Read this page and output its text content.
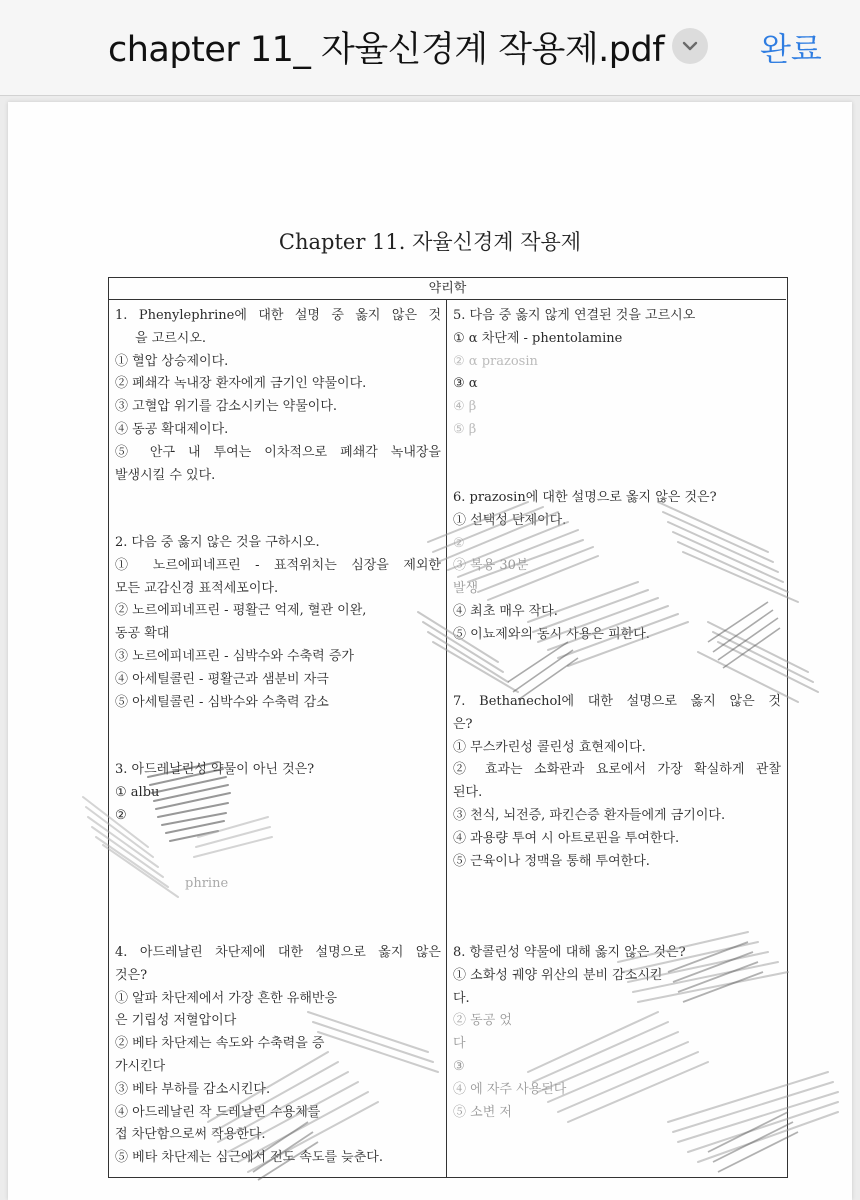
chapter 11_ 자율신경계 작용제.pdf	완료
Chapter 11. 자율신경계 작용제
약리학
1. Phenylephrine에 대한 설명 중 옳지 않은 것
을 고르시오.
① 혈압 상승제이다.
② 폐쇄각 녹내장 환자에게 금기인 약물이다.
③ 고혈압 위기를 감소시키는 약물이다.
④ 동공 확대제이다.
⑤ 안구 내 투여는 이차적으로 폐쇄각 녹내장을
발생시킬 수 있다.
2. 다음 중 옳지 않은 것을 구하시오.
① 노르에피네프린 - 표적위치는 심장을 제외한
모든 교감신경 표적세포이다.
② 노르에피네프린 - 평활근 억제, 혈관 이완,
동공 확대
③ 노르에피네프린 - 심박수와 수축력 증가
④ 아세틸콜린 - 평활근과 샘분비 자극
⑤ 아세틸콜린 - 심박수와 수축력 감소
3. 아드레날린성 약물이 아닌 것은?
① albu
②
phrine
4. 아드레날린 차단제에 대한 설명으로 옳지 않은
것은?
① 알파 차단제에서 가장 흔한 유해반응
은 기립성 저혈압이다
② 베타 차단제는 속도와 수축력을 증
가시킨다
③ 베타 부하를 감소시킨다.
④ 아드레날린 작 드레날린 수용체를
접 차단함으로써 작용한다.
⑤ 베타 차단제는 심근에서 전도 속도를 늦춘다.
5. 다음 중 옳지 않게 연결된 것을 고르시오
① α 차단제 - phentolamine
② α prazosin
③ α
④ β
⑤ β
6. prazosin에 대한 설명으로 옳지 않은 것은?
① 선택성 단제이다.
②
③ 복용 30분
발생
④ 최초 매우 작다.
⑤ 이뇨제와의 동시 사용은 피한다.
7. Bethanechol에 대한 설명으로 옳지 않은 것
은?
① 무스카린성 콜린성 효현제이다.
② 효과는 소화관과 요로에서 가장 확실하게 관찰
된다.
③ 천식, 뇌전증, 파킨슨증 환자들에게 금기이다.
④ 과용량 투여 시 아트로핀을 투여한다.
⑤ 근육이나 정맥을 통해 투여한다.
8. 항콜린성 약물에 대해 옳지 않은 것은?
① 소화성 궤양 위산의 분비 감소시킨
다.
② 동공 었
다
③
④ 에 자주 사용된다
⑤ 소변 저
